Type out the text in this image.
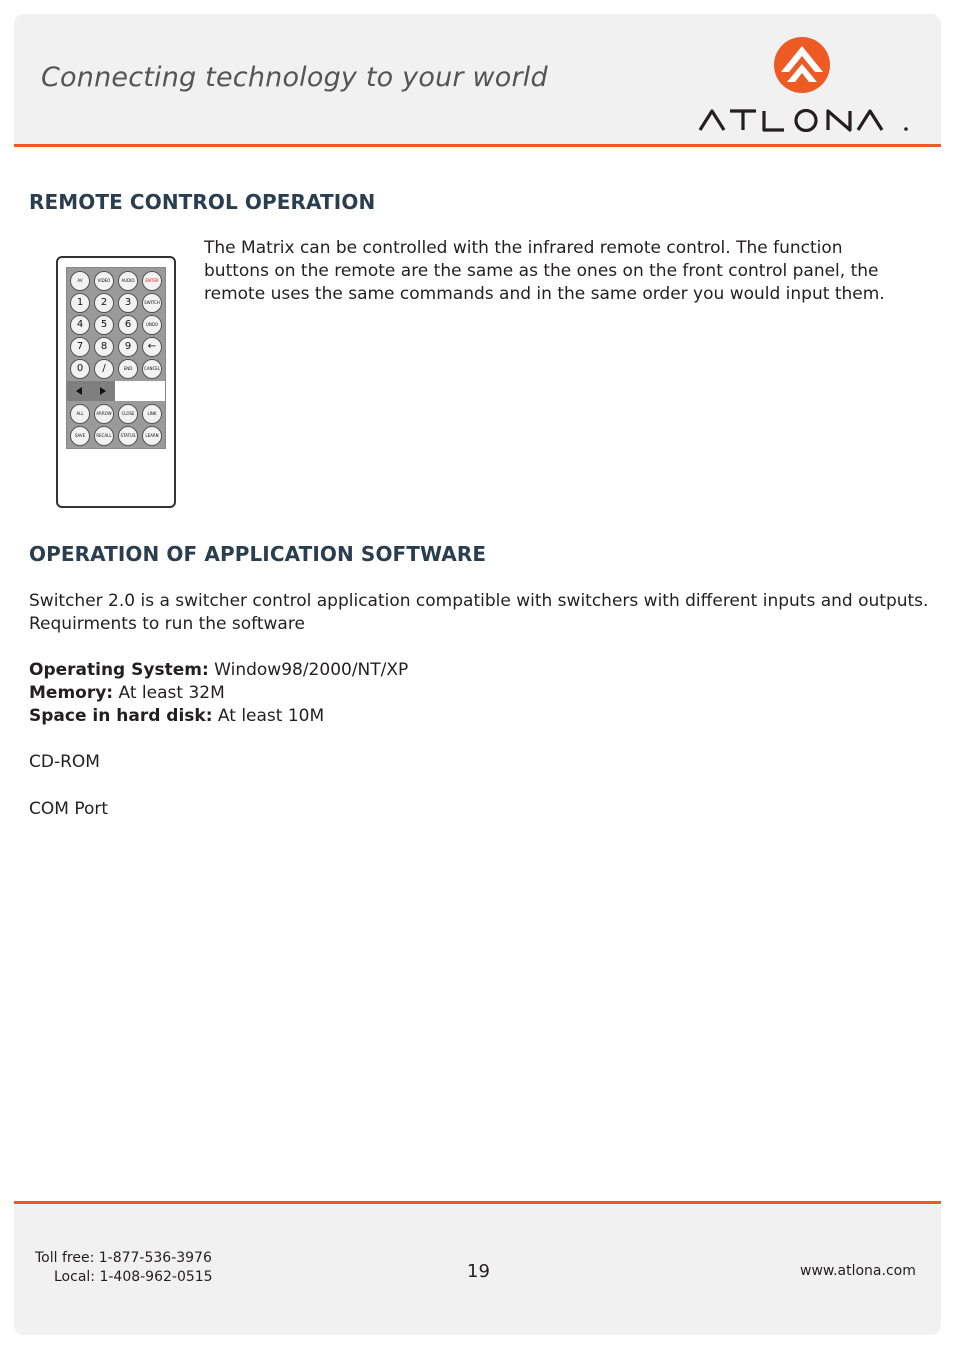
Connecting technology to your world
REMOTE CONTROL OPERATION
AV	VIDEO	AUDIO	ENTER
1	2	3	SWITCH
4	5	6	UNDO
7	8	9	←
0	/	END	CANCEL
ALL	ARROW	CLOSE	LINK
SAVE	RECALL	STATUS	LEARN
The Matrix can be controlled with the infrared remote control. The function
buttons on the remote are the same as the ones on the front control panel, the
remote uses the same commands and in the same order you would input them.
OPERATION OF APPLICATION SOFTWARE
Switcher 2.0 is a switcher control application compatible with switchers with different inputs and outputs.
Requirments to run the software
Operating System: Window98/2000/NT/XP
Memory: At least 32M
Space in hard disk: At least 10M
CD-ROM
COM Port
Toll free: 1-877-536-3976
Local: 1-408-962-0515	19	www.atlona.com
